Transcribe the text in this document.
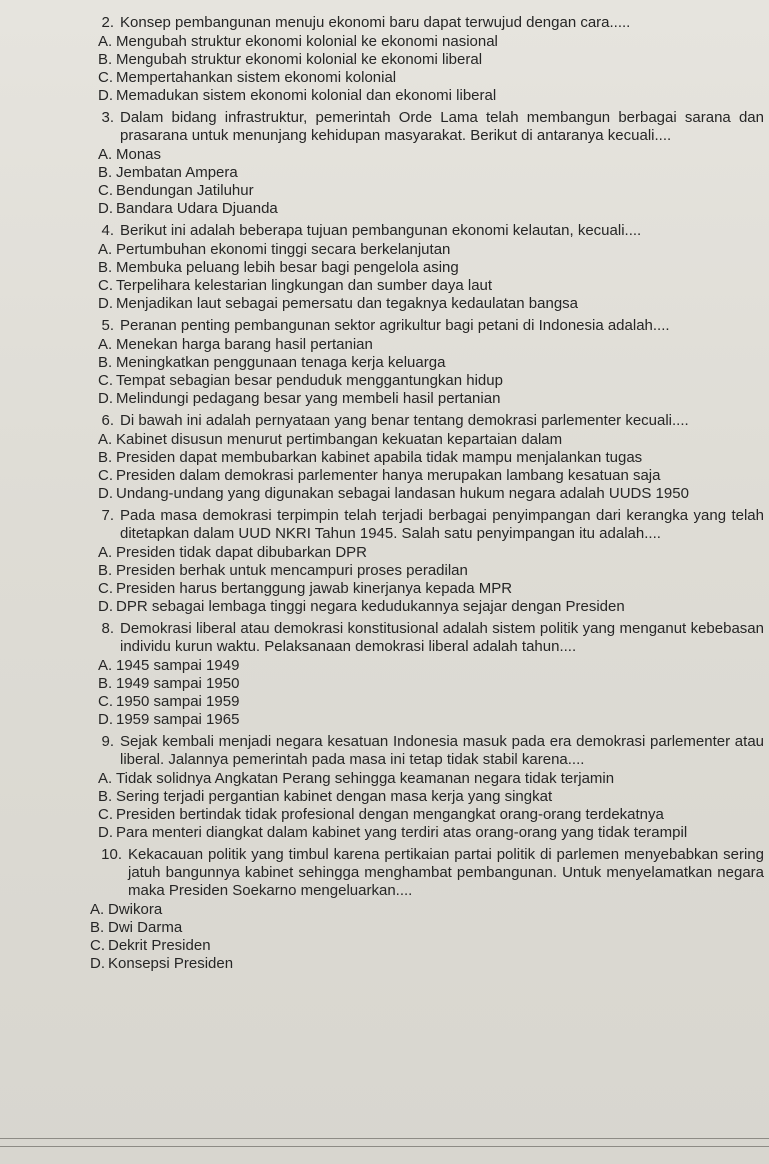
2. Konsep pembangunan menuju ekonomi baru dapat terwujud dengan cara.....
A. Mengubah struktur ekonomi kolonial ke ekonomi nasional
B. Mengubah struktur ekonomi kolonial ke ekonomi liberal
C. Mempertahankan sistem ekonomi kolonial
D. Memadukan sistem ekonomi kolonial dan ekonomi liberal
3. Dalam bidang infrastruktur, pemerintah Orde Lama telah membangun berbagai sarana dan prasarana untuk menunjang kehidupan masyarakat. Berikut di antaranya kecuali....
A. Monas
B. Jembatan Ampera
C. Bendungan Jatiluhur
D. Bandara Udara Djuanda
4. Berikut ini adalah beberapa tujuan pembangunan ekonomi kelautan, kecuali....
A. Pertumbuhan ekonomi tinggi secara berkelanjutan
B. Membuka peluang lebih besar bagi pengelola asing
C. Terpelihara kelestarian lingkungan dan sumber daya laut
D. Menjadikan laut sebagai pemersatu dan tegaknya kedaulatan bangsa
5. Peranan penting pembangunan sektor agrikultur bagi petani di Indonesia adalah....
A. Menekan harga barang hasil pertanian
B. Meningkatkan penggunaan tenaga kerja keluarga
C. Tempat sebagian besar penduduk menggantungkan hidup
D. Melindungi pedagang besar yang membeli hasil pertanian
6. Di bawah ini adalah pernyataan yang benar tentang demokrasi parlementer kecuali....
A. Kabinet disusun menurut pertimbangan kekuatan kepartaian dalam
B. Presiden dapat membubarkan kabinet apabila tidak mampu menjalankan tugas
C. Presiden dalam demokrasi parlementer hanya merupakan lambang kesatuan saja
D. Undang-undang yang digunakan sebagai landasan hukum negara adalah UUDS 1950
7. Pada masa demokrasi terpimpin telah terjadi berbagai penyimpangan dari kerangka yang telah ditetapkan dalam UUD NKRI Tahun 1945. Salah satu penyimpangan itu adalah....
A. Presiden tidak dapat dibubarkan DPR
B. Presiden berhak untuk mencampuri proses peradilan
C. Presiden harus bertanggung jawab kinerjanya kepada MPR
D. DPR sebagai lembaga tinggi negara kedudukannya sejajar dengan Presiden
8. Demokrasi liberal atau demokrasi konstitusional adalah sistem politik yang menganut kebebasan individu kurun waktu. Pelaksanaan demokrasi liberal adalah tahun....
A. 1945 sampai 1949
B. 1949 sampai 1950
C. 1950 sampai 1959
D. 1959 sampai 1965
9. Sejak kembali menjadi negara kesatuan Indonesia masuk pada era demokrasi parlementer atau liberal. Jalannya pemerintah pada masa ini tetap tidak stabil karena....
A. Tidak solidnya Angkatan Perang sehingga keamanan negara tidak terjamin
B. Sering terjadi pergantian kabinet dengan masa kerja yang singkat
C. Presiden bertindak tidak profesional dengan mengangkat orang-orang terdekatnya
D. Para menteri diangkat dalam kabinet yang terdiri atas orang-orang yang tidak terampil
10. Kekacauan politik yang timbul karena pertikaian partai politik di parlemen menyebabkan sering jatuh bangunnya kabinet sehingga menghambat pembangunan. Untuk menyelamatkan negara maka Presiden Soekarno mengeluarkan....
A. Dwikora
B. Dwi Darma
C. Dekrit Presiden
D. Konsepsi Presiden
